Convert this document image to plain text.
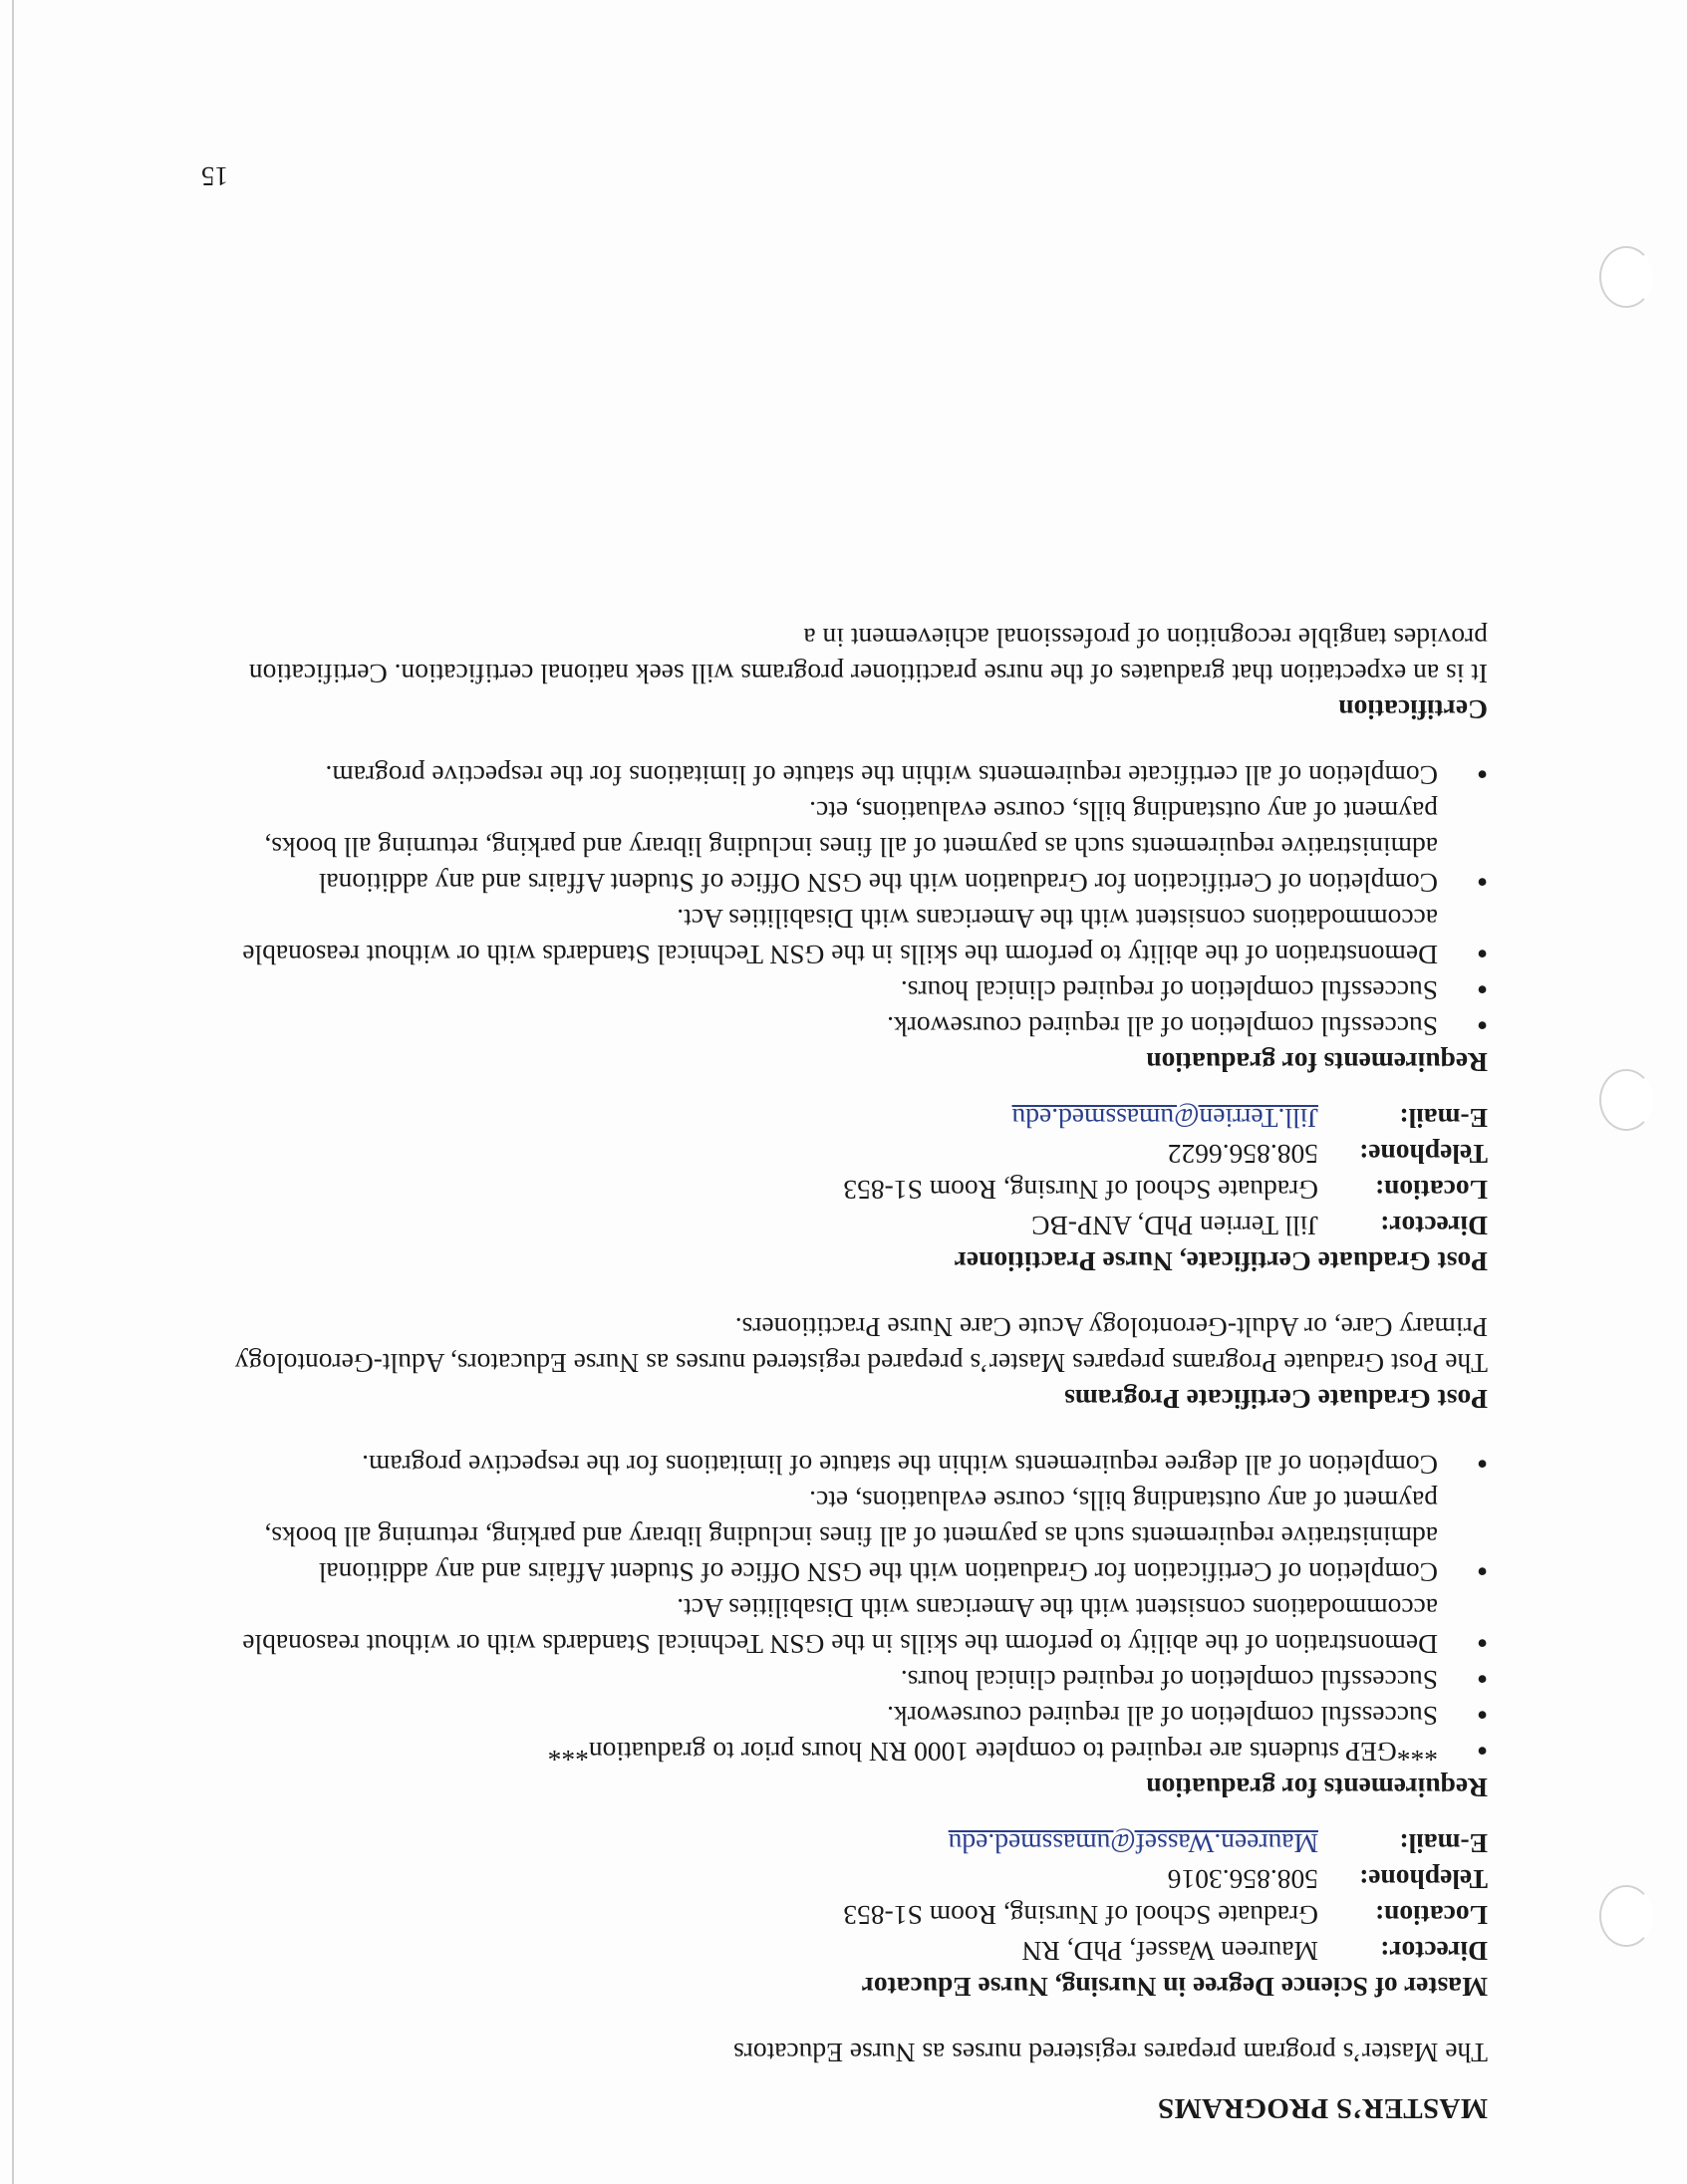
MASTER’S PROGRAMS

The Master’s program prepares registered nurses as Nurse Educators

Master of Science Degree in Nursing, Nurse Educator

Director:
Maureen Wassef, PhD, RN
Location:
Graduate School of Nursing, Room S1-853
Telephone:
508.856.3016
E-mail:
Maureen.Wassef@umassmed.edu

Requirements for graduation

● ***GEP students are required to complete 1000 RN hours prior to graduation***
● Successful completion of all required coursework.
● Successful completion of required clinical hours.
● Demonstration of the ability to perform the skills in the GSN Technical Standards with or without reasonable accommodations consistent with the Americans with Disabilities Act.
● Completion of Certification for Graduation with the GSN Office of Student Affairs and any additional administrative requirements such as payment of all fines including library and parking, returning all books, payment of any outstanding bills, course evaluations, etc.
● Completion of all degree requirements within the statute of limitations for the respective program.

Post Graduate Certificate Programs

The Post Graduate Programs prepares Master’s prepared registered nurses as Nurse Educators, Adult-Gerontology Primary Care, or Adult-Gerontology Acute Care Nurse Practitioners.

Post Graduate Certificate, Nurse Practitioner

Director:
Jill Terrien PhD, ANP-BC
Location:
Graduate School of Nursing, Room S1-853
Telephone:
508.856.6622
E-mail:
Jill.Terrien@umassmed.edu

Requirements for graduation

● Successful completion of all required coursework.
● Successful completion of required clinical hours.
● Demonstration of the ability to perform the skills in the GSN Technical Standards with or without reasonable accommodations consistent with the Americans with Disabilities Act.
● Completion of Certification for Graduation with the GSN Office of Student Affairs and any additional administrative requirements such as payment of all fines including library and parking, returning all books, payment of any outstanding bills, course evaluations, etc.
● Completion of all certificate requirements within the statute of limitations for the respective program.

Certification

It is an expectation that graduates of the nurse practitioner programs will seek national certification. Certification provides tangible recognition of professional achievement in a

15
